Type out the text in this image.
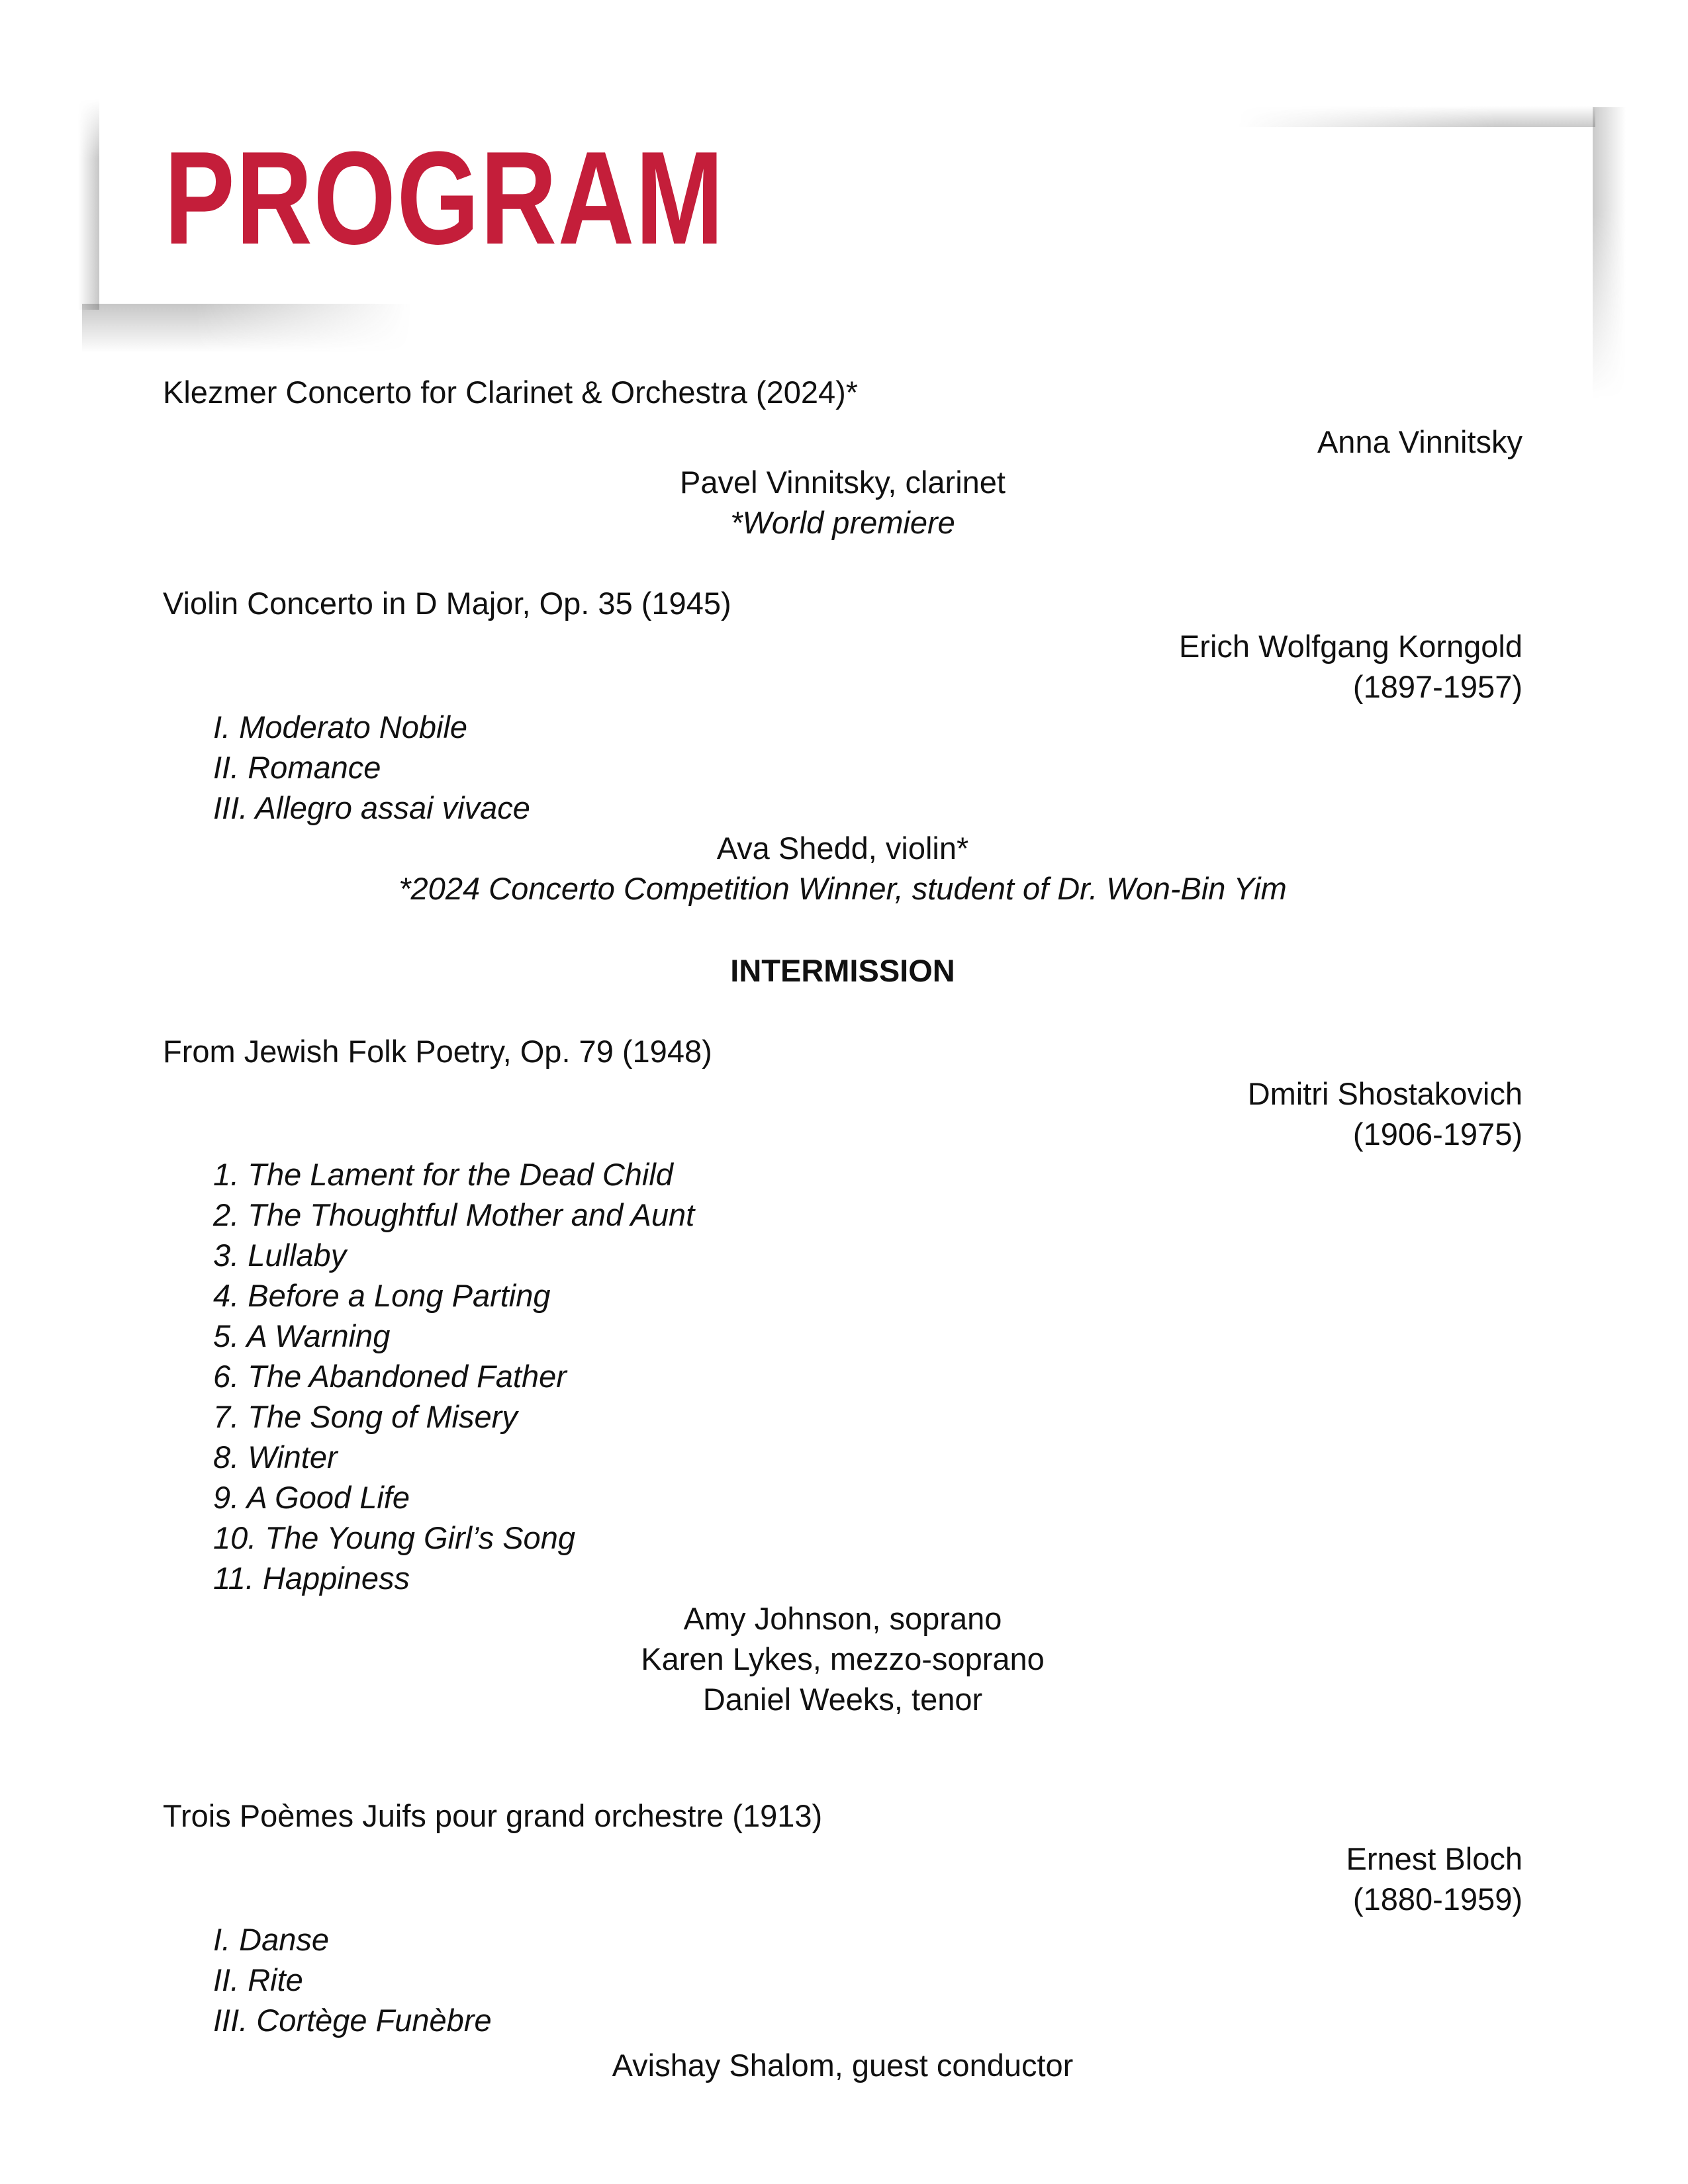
PROGRAM
Klezmer Concerto for Clarinet & Orchestra (2024)*
Anna Vinnitsky
Pavel Vinnitsky, clarinet
*World premiere
Violin Concerto in D Major, Op. 35 (1945)
Erich Wolfgang Korngold
(1897-1957)
I. Moderato Nobile
II. Romance
III. Allegro assai vivace
Ava Shedd, violin*
*2024 Concerto Competition Winner, student of Dr. Won-Bin Yim
INTERMISSION
From Jewish Folk Poetry, Op. 79 (1948)
Dmitri Shostakovich
(1906-1975)
1. The Lament for the Dead Child
2. The Thoughtful Mother and Aunt
3. Lullaby
4. Before a Long Parting
5. A Warning
6. The Abandoned Father
7. The Song of Misery
8. Winter
9. A Good Life
10. The Young Girl’s Song
11. Happiness
Amy Johnson, soprano
Karen Lykes, mezzo-soprano
Daniel Weeks, tenor
Trois Poèmes Juifs pour grand orchestre (1913)
Ernest Bloch
(1880-1959)
I. Danse
II. Rite
III. Cortège Funèbre
Avishay Shalom, guest conductor
